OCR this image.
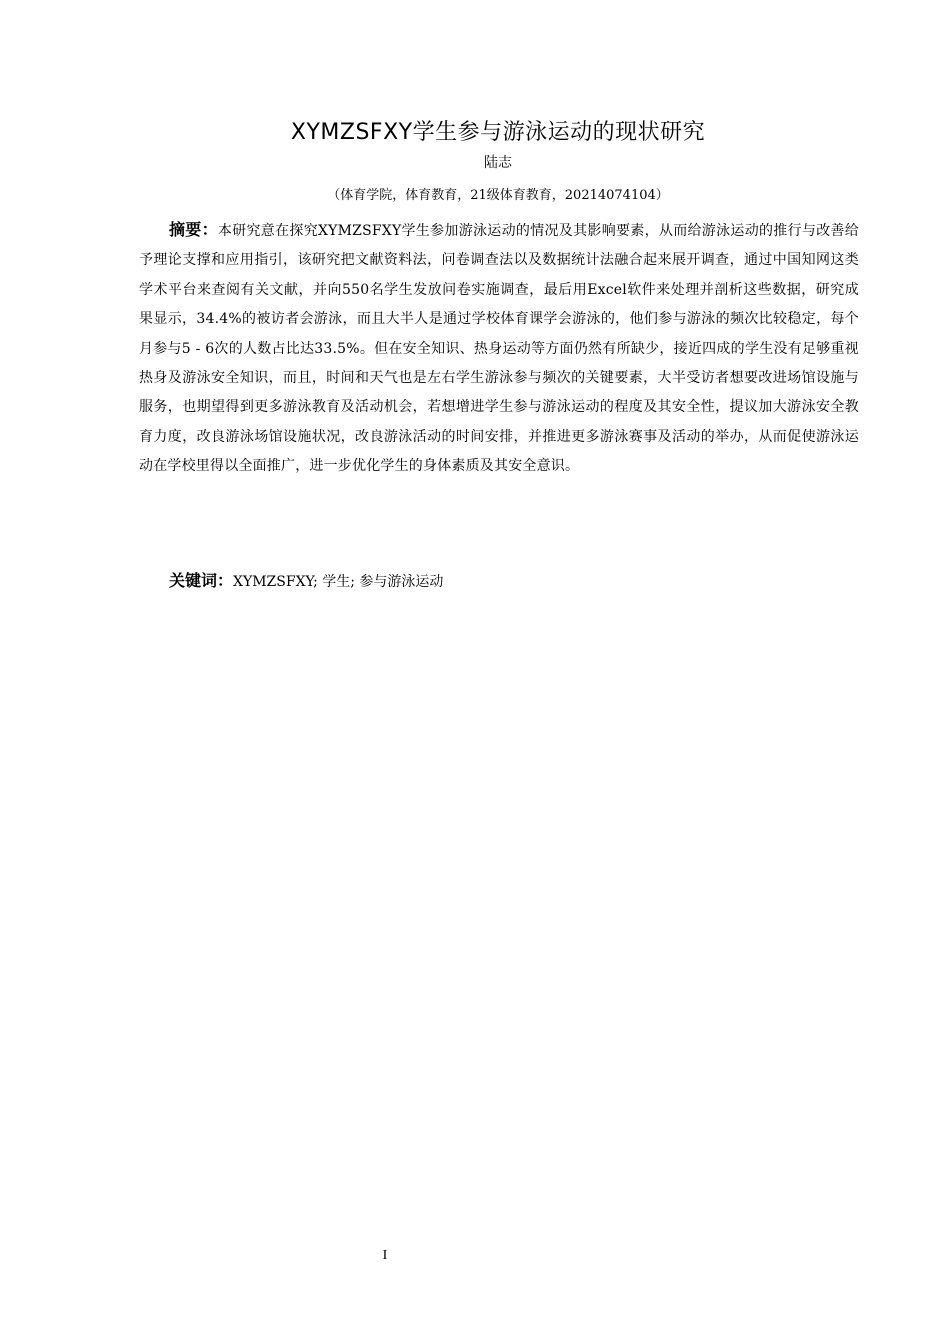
XYMZSFXY学生参与游泳运动的现状研究
陆志
（体育学院，体育教育，21级体育教育，20214074104）
摘要：本研究意在探究XYMZSFXY学生参加游泳运动的情况及其影响要素，从而给游泳运动的推行与改善给予理论支撑和应用指引，该研究把文献资料法，问卷调查法以及数据统计法融合起来展开调查，通过中国知网这类学术平台来查阅有关文献，并向550名学生发放问卷实施调查，最后用Excel软件来处理并剖析这些数据，研究成果显示，34.4%的被访者会游泳，而且大半人是通过学校体育课学会游泳的，他们参与游泳的频次比较稳定，每个月参与5 - 6次的人数占比达33.5%。但在安全知识、热身运动等方面仍然有所缺少，接近四成的学生没有足够重视热身及游泳安全知识，而且，时间和天气也是左右学生游泳参与频次的关键要素，大半受访者想要改进场馆设施与服务，也期望得到更多游泳教育及活动机会，若想增进学生参与游泳运动的程度及其安全性，提议加大游泳安全教育力度，改良游泳场馆设施状况，改良游泳活动的时间安排，并推进更多游泳赛事及活动的举办，从而促使游泳运动在学校里得以全面推广，进一步优化学生的身体素质及其安全意识。
关键词：XYMZSFXY; 学生; 参与游泳运动
I
